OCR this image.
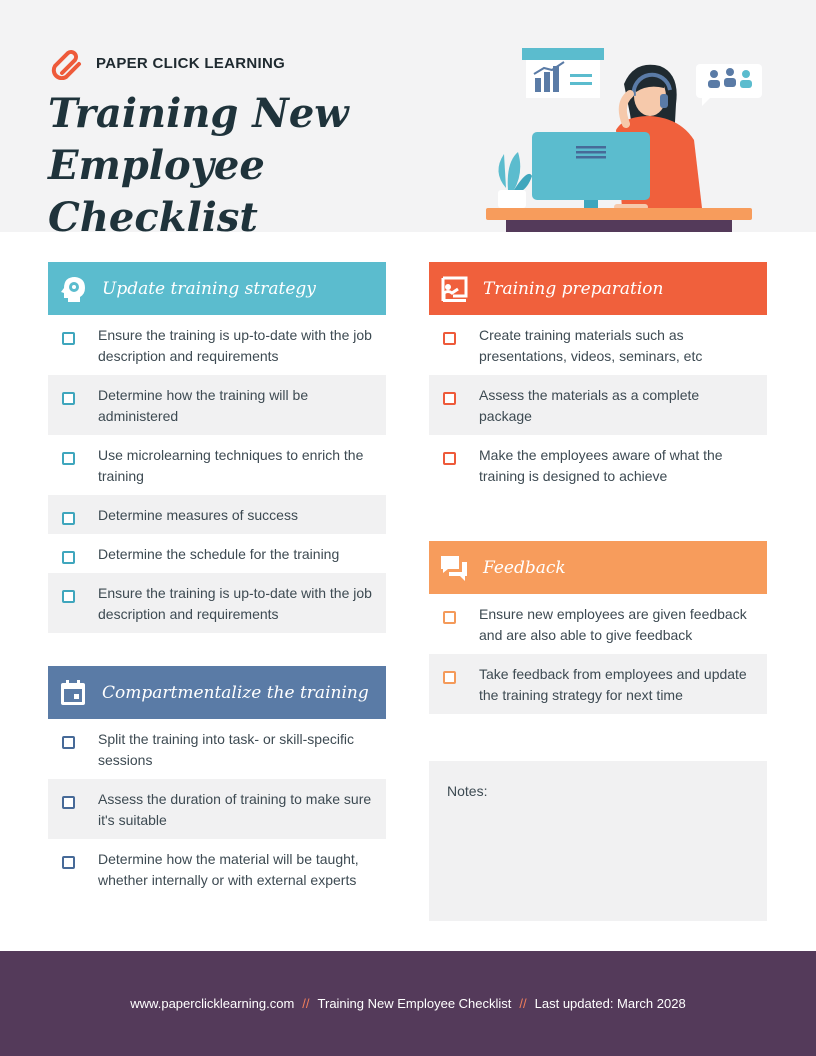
PAPER CLICK LEARNING
Training New
Employee Checklist
Update training strategy
Ensure the training is up-to-date with the job description and requirements
Determine how the training will be administered
Use microlearning techniques to enrich the training
Determine measures of success
Determine the schedule for the training
Ensure the training is up-to-date with the job description and requirements
Compartmentalize the training
Split the training into task- or skill-specific sessions
Assess the duration of training to make sure it's suitable
Determine how the material will be taught, whether internally or with external experts
Training preparation
Create training materials such as presentations, videos, seminars, etc
Assess the materials as a complete package
Make the employees aware of what the training is designed to achieve
Feedback
Ensure new employees are given feedback and are also able to give feedback
Take feedback from employees and update the training strategy for next time
Notes:
www.paperclicklearning.com // Training New Employee Checklist // Last updated: March 2028
